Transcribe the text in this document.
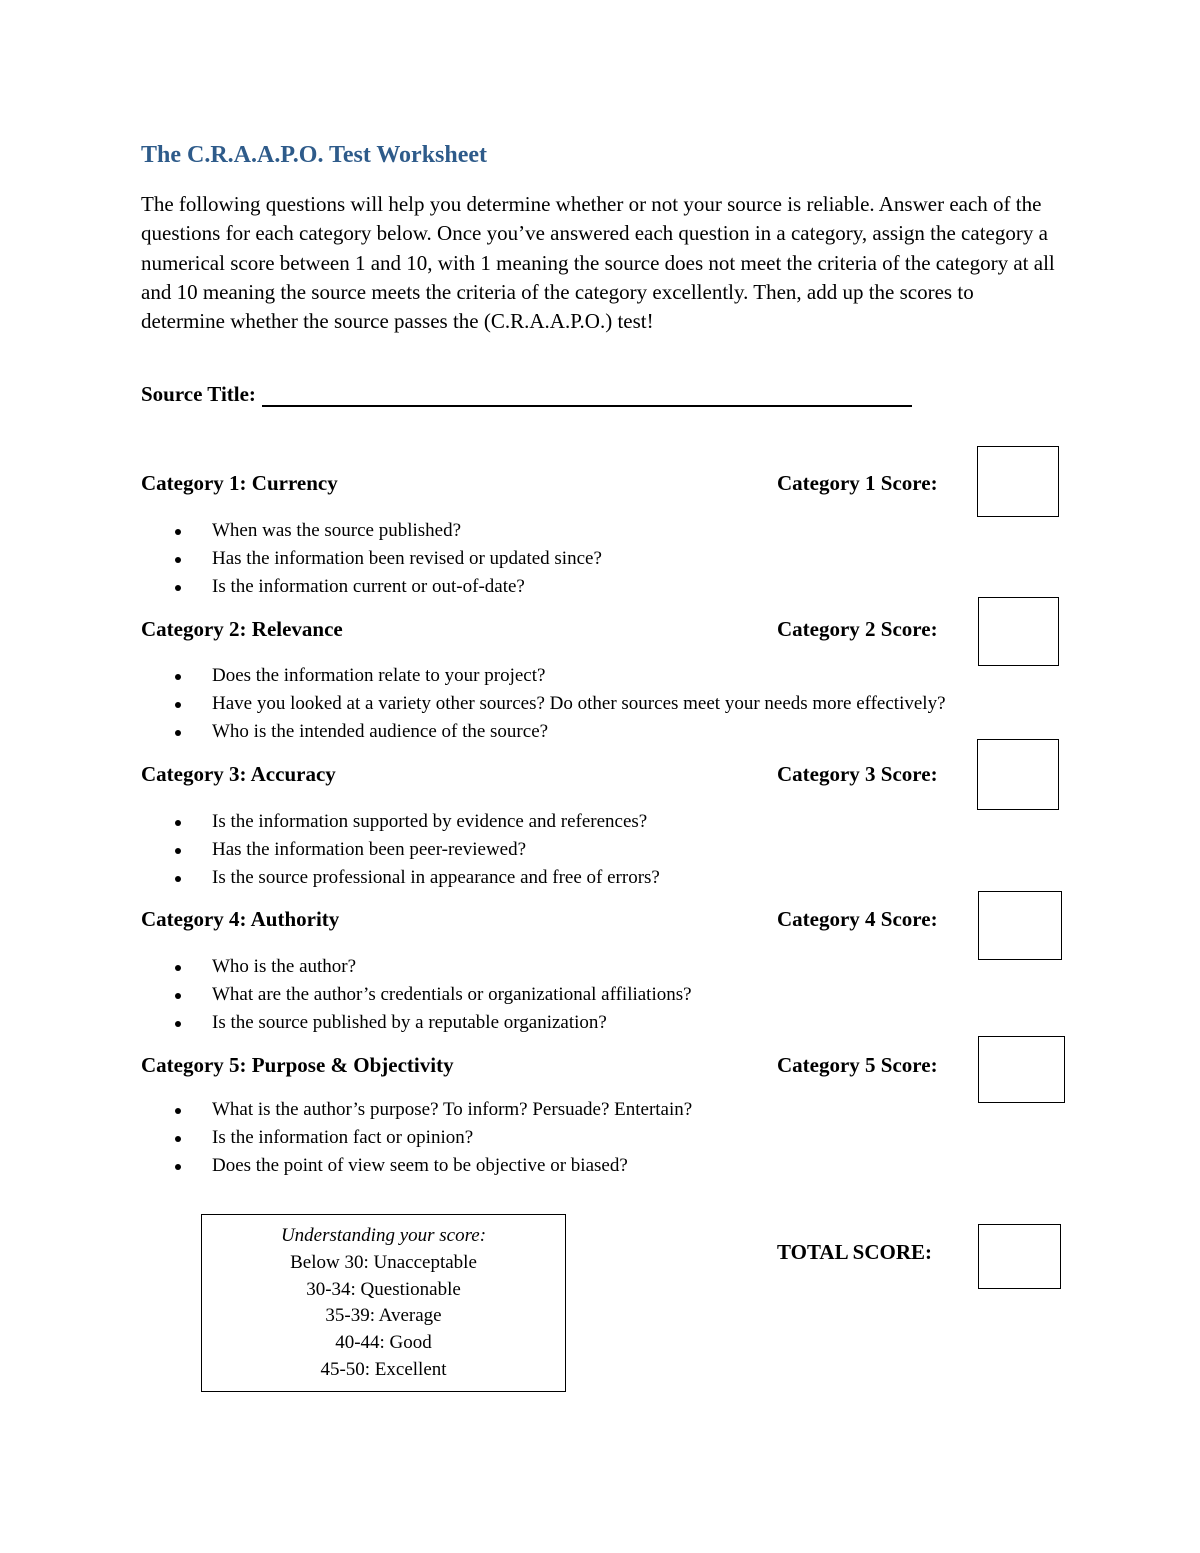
The C.R.A.A.P.O. Test Worksheet

The following questions will help you determine whether or not your source is reliable. Answer each of the questions for each category below. Once you’ve answered each question in a category, assign the category a numerical score between 1 and 10, with 1 meaning the source does not meet the criteria of the category at all and 10 meaning the source meets the criteria of the category excellently. Then, add up the scores to determine whether the source passes the (C.R.A.A.P.O.) test!

Source Title:
Category 1: Currency	Category 1 Score:
When was the source published?
Has the information been revised or updated since?
Is the information current or out-of-date?
Category 2: Relevance	Category 2 Score:
Does the information relate to your project?
Have you looked at a variety other sources? Do other sources meet your needs more effectively?
Who is the intended audience of the source?
Category 3: Accuracy	Category 3 Score:
Is the information supported by evidence and references?
Has the information been peer-reviewed?
Is the source professional in appearance and free of errors?
Category 4: Authority	Category 4 Score:
Who is the author?
What are the author’s credentials or organizational affiliations?
Is the source published by a reputable organization?
Category 5: Purpose & Objectivity	Category 5 Score:
What is the author’s purpose? To inform? Persuade? Entertain?
Is the information fact or opinion?
Does the point of view seem to be objective or biased?
Understanding your score:
Below 30: Unacceptable
30-34: Questionable
35-39: Average
40-44: Good
45-50: Excellent
TOTAL SCORE:
